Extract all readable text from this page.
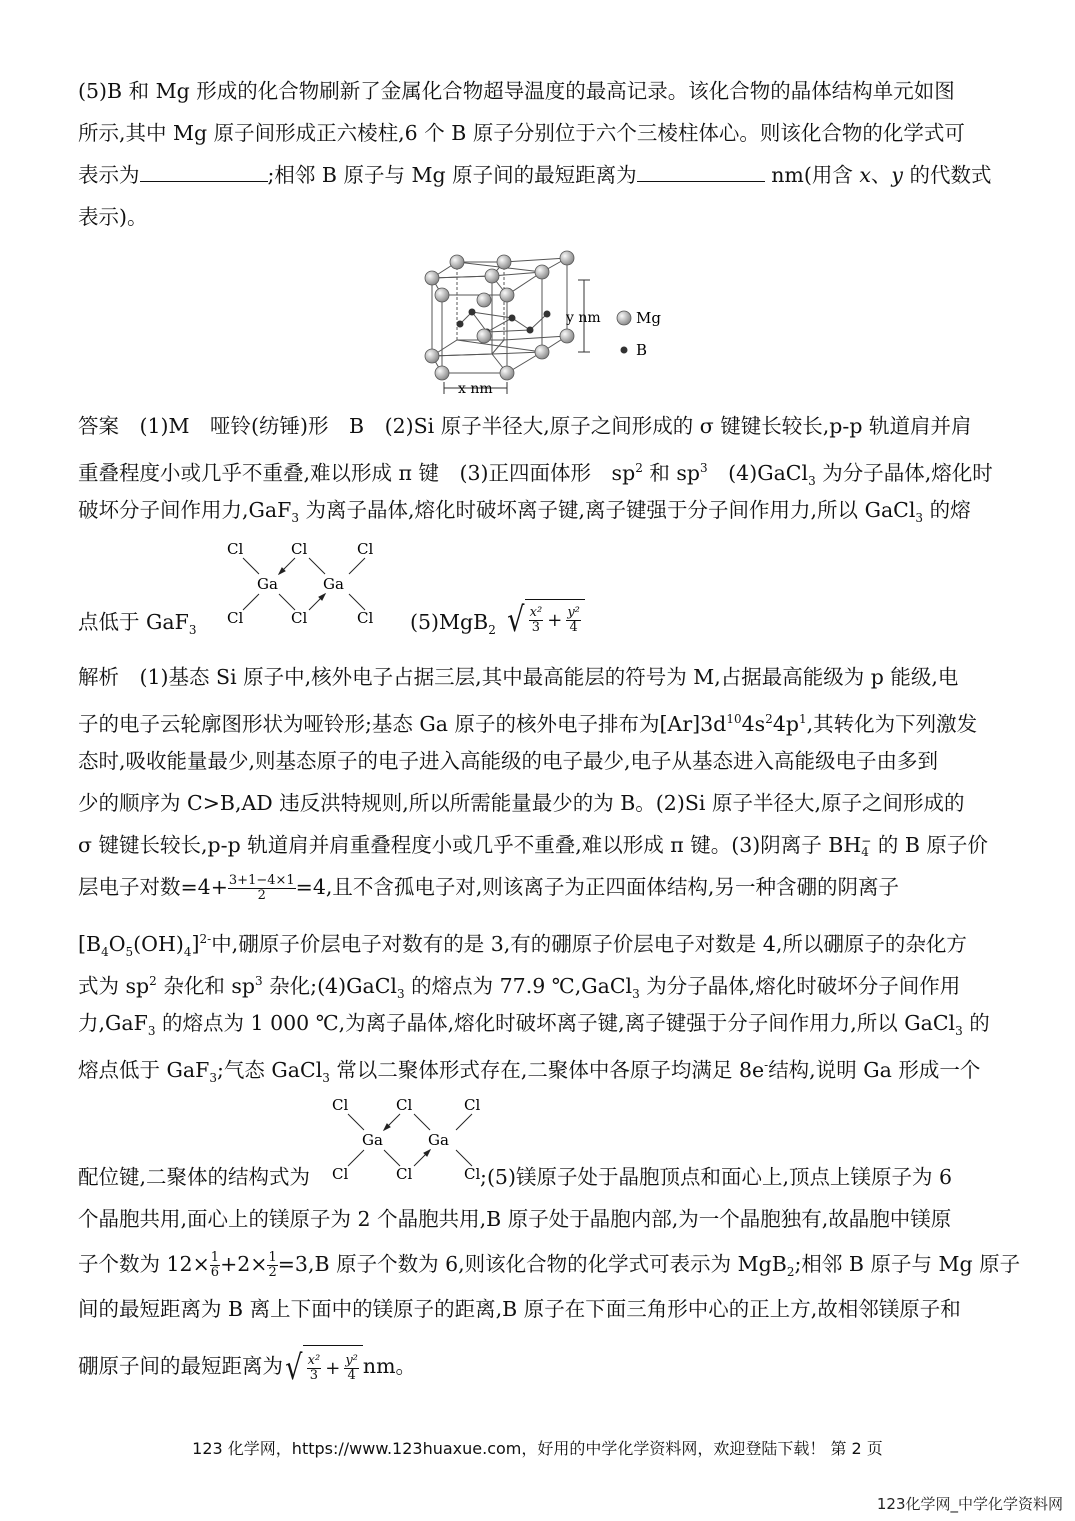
(5)B 和 Mg 形成的化合物刷新了金属化合物超导温度的最高记录。该化合物的晶体结构单元如图
所示,其中 Mg 原子间形成正六棱柱,6 个 B 原子分别位于六个三棱柱体心。则该化合物的化学式可
表示为	;相邻 B 原子与 Mg 原子间的最短距离为	nm(用含 x、y 的代数式
表示)。
y nm
x nm
Mg
B
答案　(1)M　哑铃(纺锤)形　B　(2)Si 原子半径大,原子之间形成的 σ 键键长较长,p-p 轨道肩并肩
重叠程度小或几乎不重叠,难以形成 π 键　(3)正四面体形　$sp^2$ 和 $sp^3$　(4)GaCl$_3$ 为分子晶体,熔化时
破坏分子间作用力,GaF$_3$ 为离子晶体,熔化时破坏离子键,离子键强于分子间作用力,所以 GaCl$_3$ 的熔
Cl	Cl	Cl
Ga	Ga
Cl	Cl	Cl
点低于 GaF$_3$	(5)MgB$_2$ √ $\frac{\text{x²}}{3} + \frac{\text{y²}}{4}$
解析　(1)基态 Si 原子中,核外电子占据三层,其中最高能层的符号为 M,占据最高能级为 p 能级,电
子的电子云轮廓图形状为哑铃形;基态 Ga 原子的核外电子排布为$[Ar]3d^{10}4s^24p^1$,其转化为下列激发
态时,吸收能量最少,则基态原子的电子进入高能级的电子最少,电子从基态进入高能级电子由多到
少的顺序为 C>B,AD 违反洪特规则,所以所需能量最少的为 B。(2)Si 原子半径大,原子之间形成的
σ 键键长较长,p-p 轨道肩并肩重叠程度小或几乎不重叠,难以形成 π 键。(3)阴离子 BH −
4 的 B 原子价
层电子对数$=4+ \frac{3+1-4\times 1}{2} =4$,且不含孤电子对,则该离子为正四面体结构,另一种含硼的阴离子
$[B_4O_5(OH)_4]^{2-}$中,硼原子价层电子对数有的是 3,有的硼原子价层电子对数是 4,所以硼原子的杂化方
式为 $sp^2$ 杂化和 $sp^3$ 杂化;(4)GaCl$_3$ 的熔点为 77.9 ℃,GaCl$_3$ 为分子晶体,熔化时破坏分子间作用
力,GaF$_3$ 的熔点为 1 000 ℃,为离子晶体,熔化时破坏离子键,离子键强于分子间作用力,所以 GaCl$_3$ 的
熔点低于 GaF$_3$;气态 GaCl$_3$ 常以二聚体形式存在,二聚体中各原子均满足 8e-结构,说明 Ga 形成一个
Cl	Cl	Cl
Ga	Ga
Cl	Cl	Cl
配位键,二聚体的结构式为	;(5)镁原子处于晶胞顶点和面心上,顶点上镁原子为 6
个晶胞共用,面心上的镁原子为 2 个晶胞共用,B 原子处于晶胞内部,为一个晶胞独有,故晶胞中镁原
子个数为 $12\times \frac{1}{6} +2\times \frac{1}{2} =3,B$ 原子个数为 6,则该化合物的化学式可表示为 MgB$_2$;相邻 B 原子与 Mg 原子
间的最短距离为 B 离上下面中的镁原子的距离,B 原子在下面三角形中心的正上方,故相邻镁原子和
硼原子间的最短距离为 √ $\frac{\text{x²}}{3} + \frac{\text{y²}}{4}$ nm。
123 化学网，https://www.123huaxue.com，好用的中学化学资料网，欢迎登陆下载！ 第 2 页
123化学网_中学化学资料网
